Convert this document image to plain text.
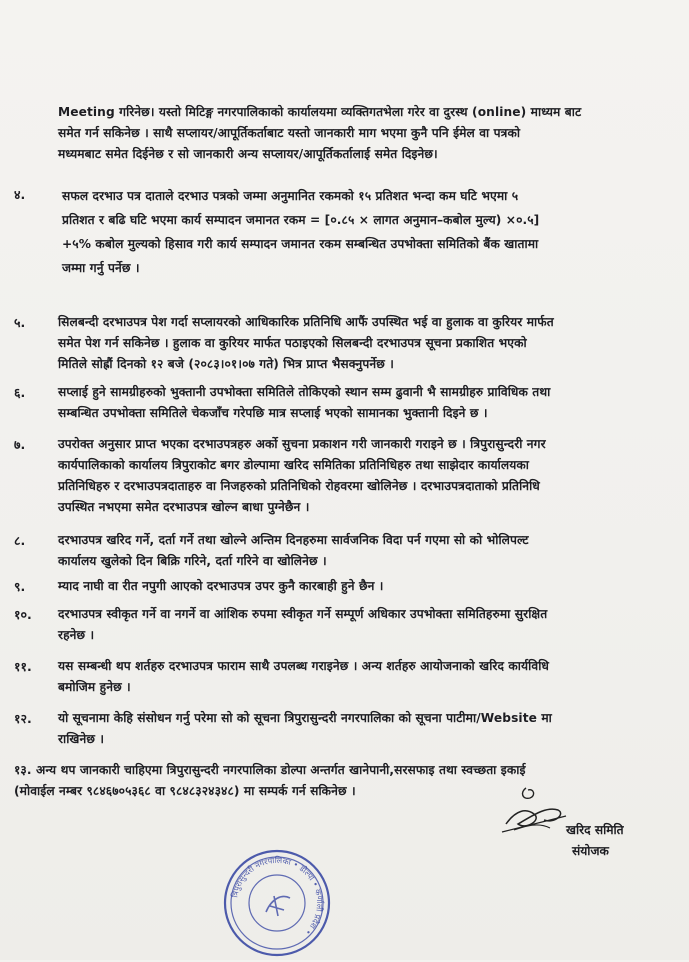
Meeting गरिनेछ। यस्तो मिटिङ्ग नगरपालिकाको कार्यालयमा व्यक्तिगतभेला गरेर वा दुरस्थ (online) माध्यम बाट
समेत गर्न सकिनेछ । साथै सप्लायर/आपूर्तिकर्ताबाट यस्तो जानकारी माग भएमा कुनै पनि ईमेल वा पत्रको
मध्यमबाट समेत दिईनेछ र सो जानकारी अन्य सप्लायर/आपूर्तिकर्तालाई समेत दिइनेछ।
४.	सफल दरभाउ पत्र दाताले दरभाउ पत्रको जम्मा अनुमानित रकमको १५ प्रतिशत भन्दा कम घटि भएमा ५
प्रतिशत र बढि घटि भएमा कार्य सम्पादन जमानत रकम = [०.८५ × लागत अनुमान–कबोल मुल्य) ×०.५]
+५% कबोल मुल्यको हिसाव गरी कार्य सम्पादन जमानत रकम सम्बन्धित उपभोक्ता समितिको बैंक खातामा
जम्मा गर्नु पर्नेछ ।
५.	सिलबन्दी दरभाउपत्र पेश गर्दा सप्लायरको आधिकारिक प्रतिनिधि आफैं उपस्थित भई वा हुलाक वा कुरियर मार्फत
समेत पेश गर्न सकिनेछ । हुलाक वा कुरियर मार्फत पठाइएको सिलबन्दी दरभाउपत्र सूचना प्रकाशित भएको
मितिले सोह्रौं दिनको १२ बजे (२०८३।०१।०७ गते) भित्र प्राप्त भैसक्नुपर्नेछ ।
६.	सप्लाई हुने सामग्रीहरुको भुक्तानी उपभोक्ता समितिले तोकिएको स्थान सम्म ढुवानी भै सामग्रीहरु प्राविधिक तथा
सम्बन्धित उपभोक्ता समितिले चेकजाँच गरेपछि मात्र सप्लाई भएको सामानका भुक्तानी दिइने छ ।
७.	उपरोक्त अनुसार प्राप्त भएका दरभाउपत्रहरु अर्को सुचना प्रकाशन गरी जानकारी गराइने छ । त्रिपुरासुन्दरी नगर
कार्यपालिकाको कार्यालय त्रिपुराकोट बगर डोल्पामा खरिद समितिका प्रतिनिधिहरु तथा साझेदार कार्यालयका
प्रतिनिधिहरु र दरभाउपत्रदाताहरु वा निजहरुको प्रतिनिधिको रोहवरमा खोलिनेछ । दरभाउपत्रदाताको प्रतिनिधि
उपस्थित नभएमा समेत दरभाउपत्र खोल्न बाधा पुग्नेछैन ।
८.	दरभाउपत्र खरिद गर्ने, दर्ता गर्ने तथा खोल्ने अन्तिम दिनहरुमा सार्वजनिक विदा पर्न गएमा सो को भोलिपल्ट
कार्यालय खुलेको दिन बिक्रि गरिने, दर्ता गरिने वा खोलिनेछ ।
९.	म्याद नाघी वा रीत नपुगी आएको दरभाउपत्र उपर कुनै कारबाही हुने छैन ।
१०.	दरभाउपत्र स्वीकृत गर्ने वा नगर्ने वा आंशिक रुपमा स्वीकृत गर्ने सम्पूर्ण अधिकार उपभोक्ता समितिहरुमा सुरक्षित
रहनेछ ।
११.	यस सम्बन्धी थप शर्तहरु दरभाउपत्र फाराम साथै उपलब्ध गराइनेछ । अन्य शर्तहरु आयोजनाको खरिद कार्यविधि
बमोजिम हुनेछ ।
१२.	यो सूचनामा केहि संसोधन गर्नु परेमा सो को सूचना त्रिपुरासुन्दरी नगरपालिका को सूचना पाटीमा/Website मा
राखिनेछ ।
१३. अन्य थप जानकारी चाहिएमा त्रिपुरासुन्दरी नगरपालिका डोल्पा अन्तर्गत खानेपानी,सरसफाइ तथा स्वच्छता इकाई
(मोवाईल नम्बर ९८४६७०५३६८ वा ९८४८३२४३४८) मा सम्पर्क गर्न सकिनेछ ।
खरिद समिति
संयोजक
त्रिपुरासुन्दरी नगरपालिका • डोल्पा • कर्णाली प्रदेश •
